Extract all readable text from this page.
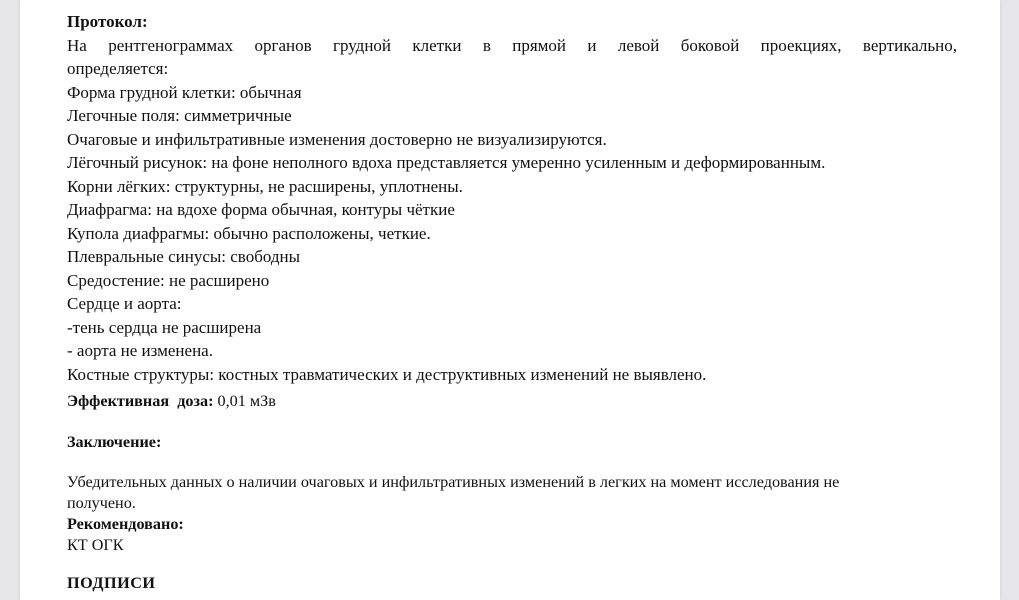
Протокол:
На рентгенограммах органов грудной клетки в прямой и левой боковой проекциях, вертикально,
определяется:
Форма грудной клетки: обычная
Легочные поля: симметричные
Очаговые и инфильтративные изменения достоверно не визуализируются.
Лёгочный рисунок: на фоне неполного вдоха представляется умеренно усиленным и деформированным.
Корни лёгких: структурны, не расширены, уплотнены.
Диафрагма: на вдохе форма обычная, контуры чёткие
Купола диафрагмы: обычно расположены, четкие.
Плевральные синусы: свободны
Средостение: не расширено
Сердце и аорта:
-тень сердца не расширена
- аорта не изменена.
Костные структуры: костных травматических и деструктивных изменений не выявлено.
Эффективная доза: 0,01 мЗв
Заключение:
Убедительных данных о наличии очаговых и инфильтративных изменений в легких на момент исследования не
получено.
Рекомендовано:
КТ ОГК
ПОДПИСИ
